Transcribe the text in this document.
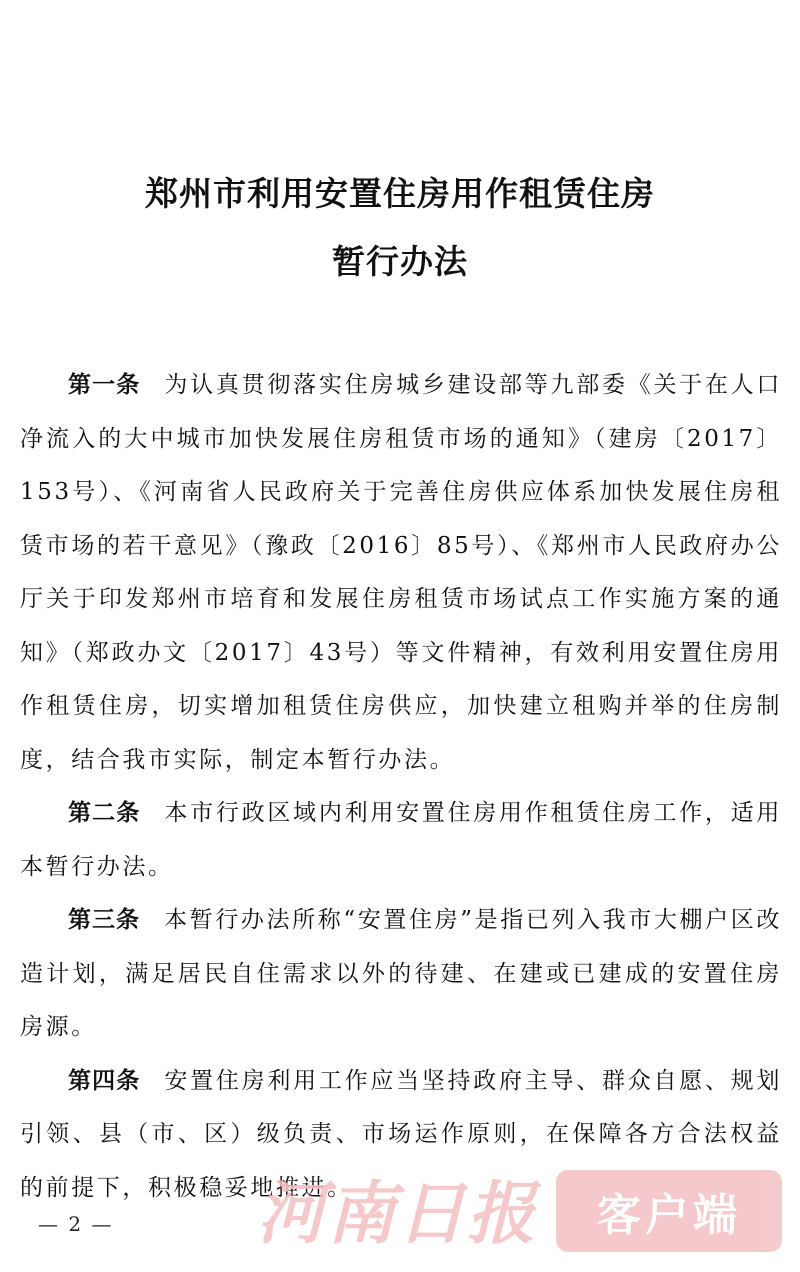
郑州市利用安置住房用作租赁住房
暂行办法

第一条 为认真贯彻落实住房城乡建设部等九部委《关于在人口净流入的大中城市加快发展住房租赁市场的通知》（建房〔2017〕153号）、《河南省人民政府关于完善住房供应体系加快发展住房租赁市场的若干意见》（豫政〔2016〕85号）、《郑州市人民政府办公厅关于印发郑州市培育和发展住房租赁市场试点工作实施方案的通知》（郑政办文〔2017〕43号）等文件精神，有效利用安置住房用作租赁住房，切实增加租赁住房供应，加快建立租购并举的住房制度，结合我市实际，制定本暂行办法。

第二条 本市行政区域内利用安置住房用作租赁住房工作，适用本暂行办法。

第三条 本暂行办法所称“安置住房”是指已列入我市大棚户区改造计划，满足居民自住需求以外的待建、在建或已建成的安置住房房源。

第四条 安置住房利用工作应当坚持政府主导、群众自愿、规划引领、县（市、区）级负责、市场运作原则，在保障各方合法权益的前提下，积极稳妥地推进。

— 2 — 河南日报	客户端
